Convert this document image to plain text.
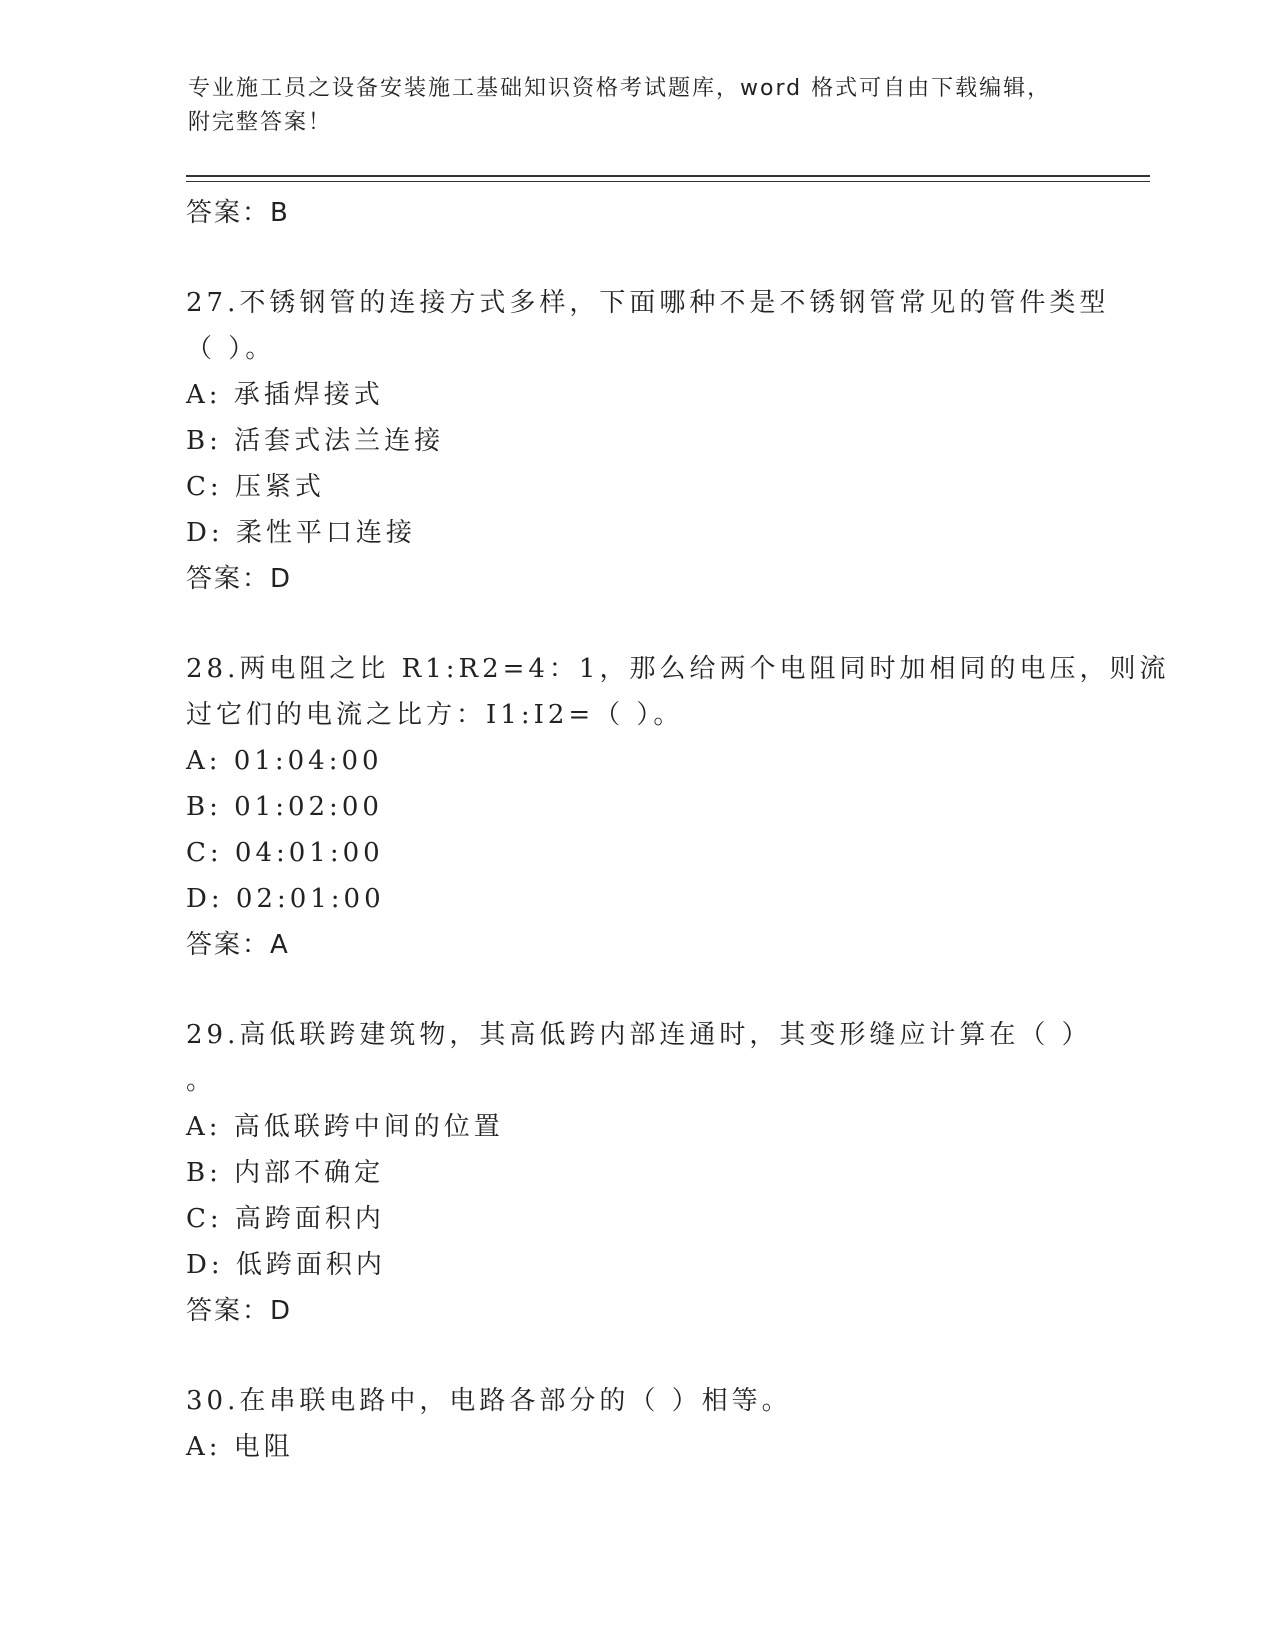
专业施工员之设备安装施工基础知识资格考试题库，word 格式可自由下载编辑，
附完整答案！
答案：B
27.不锈钢管的连接方式多样，下面哪种不是不锈钢管常见的管件类型
（ ）。
A: 承插焊接式
B: 活套式法兰连接
C: 压紧式
D: 柔性平口连接
答案：D
28.两电阻之比 R1:R2=4：1，那么给两个电阻同时加相同的电压，则流
过它们的电流之比方：I1:I2=（ ）。
A: 01:04:00
B: 01:02:00
C: 04:01:00
D: 02:01:00
答案：A
29.高低联跨建筑物，其高低跨内部连通时，其变形缝应计算在（ ）
。
A: 高低联跨中间的位置
B: 内部不确定
C: 高跨面积内
D: 低跨面积内
答案：D
30.在串联电路中，电路各部分的（ ）相等。
A: 电阻
